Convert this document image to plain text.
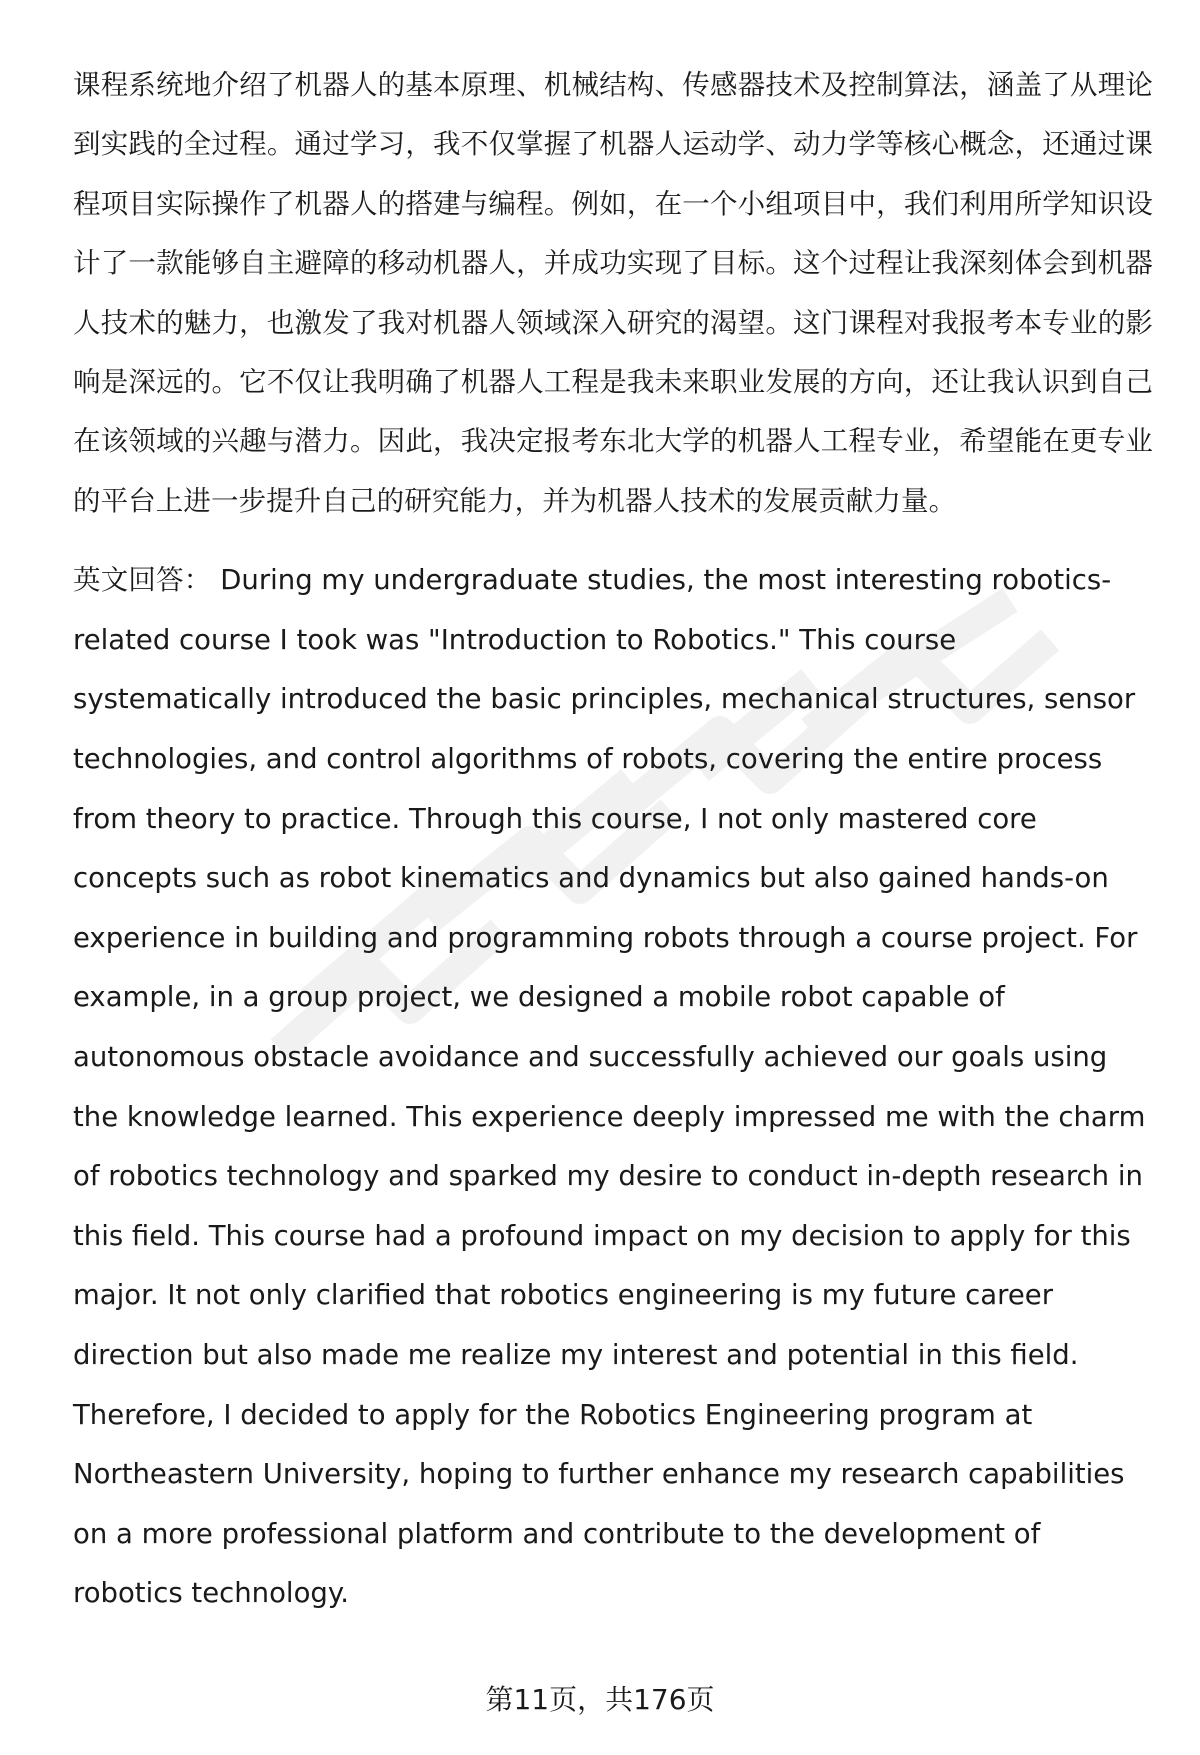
课程系统地介绍了机器人的基本原理、机械结构、传感器技术及控制算法，涵盖了从理论到实践的全过程。通过学习，我不仅掌握了机器人运动学、动力学等核心概念，还通过课程项目实际操作了机器人的搭建与编程。例如，在一个小组项目中，我们利用所学知识设计了一款能够自主避障的移动机器人，并成功实现了目标。这个过程让我深刻体会到机器人技术的魅力，也激发了我对机器人领域深入研究的渴望。这门课程对我报考本专业的影响是深远的。它不仅让我明确了机器人工程是我未来职业发展的方向，还让我认识到自己在该领域的兴趣与潜力。因此，我决定报考东北大学的机器人工程专业，希望能在更专业的平台上进一步提升自己的研究能力，并为机器人技术的发展贡献力量。

英文回答： During my undergraduate studies, the most interesting robotics-related course I took was "Introduction to Robotics." This course systematically introduced the basic principles, mechanical structures, sensor technologies, and control algorithms of robots, covering the entire process from theory to practice. Through this course, I not only mastered core concepts such as robot kinematics and dynamics but also gained hands-on experience in building and programming robots through a course project. For example, in a group project, we designed a mobile robot capable of autonomous obstacle avoidance and successfully achieved our goals using the knowledge learned. This experience deeply impressed me with the charm of robotics technology and sparked my desire to conduct in-depth research in this field. This course had a profound impact on my decision to apply for this major. It not only clarified that robotics engineering is my future career direction but also made me realize my interest and potential in this field. Therefore, I decided to apply for the Robotics Engineering program at Northeastern University, hoping to further enhance my research capabilities on a more professional platform and contribute to the development of robotics technology.

第11页，共176页
